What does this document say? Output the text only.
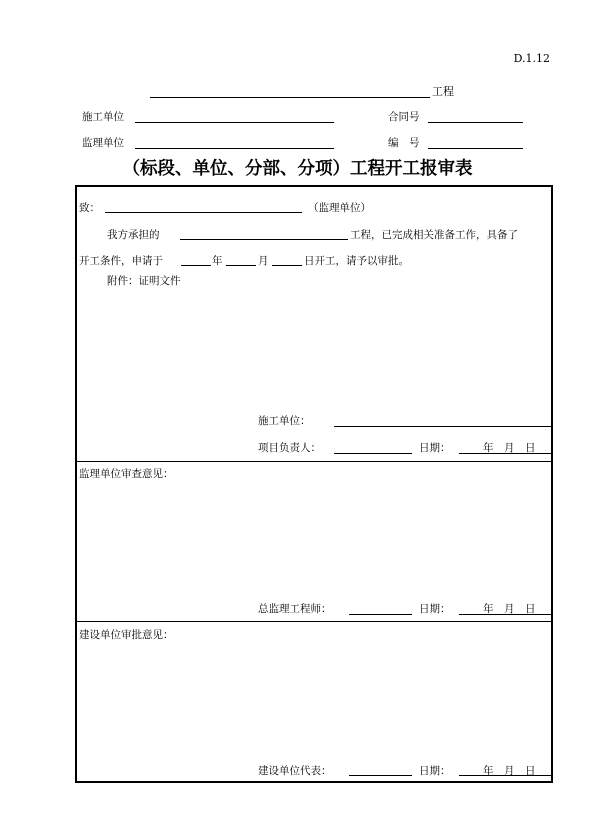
D.1.12
工程
施工单位	合同号
监理单位	编　号
（标段、单位、分部、分项）工程开工报审表
致：	（监理单位）
我方承担的	工程，已完成相关准备工作，具备了
开工条件，申请于	年	月	日开工，请予以审批。
附件：证明文件
施工单位：
项目负责人：	日期：	年　月　日
监理单位审查意见：
总监理工程师：	日期：	年　月　日
建设单位审批意见：
建设单位代表：	日期：	年　月　日
